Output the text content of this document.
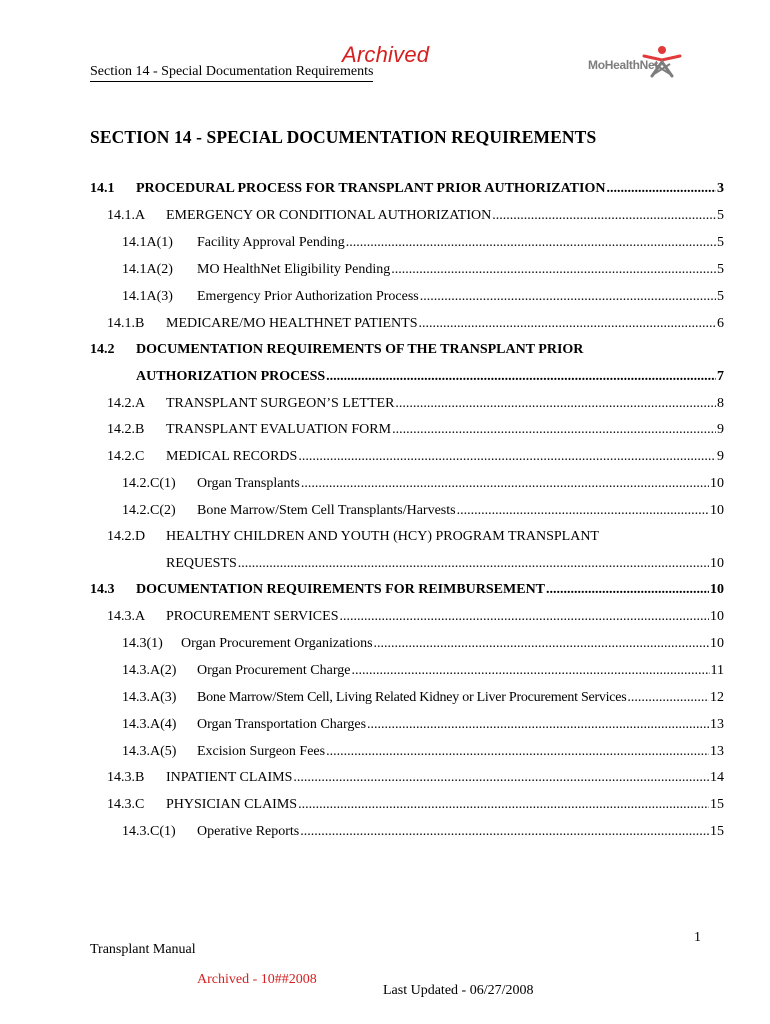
Archived
Section 14 - Special Documentation Requirements	MoHealthNet
SECTION 14 - SPECIAL DOCUMENTATION REQUIREMENTS
14.1	PROCEDURAL PROCESS FOR TRANSPLANT PRIOR AUTHORIZATION .....	3
14.1.A	EMERGENCY OR CONDITIONAL AUTHORIZATION .....	5
14.1A(1)	Facility Approval Pending .....	5
14.1A(2)	MO HealthNet Eligibility Pending .....	5
14.1A(3)	Emergency Prior Authorization Process .....	5
14.1.B	MEDICARE/MO HEALTHNET PATIENTS .....	6
14.2 DOCUMENTATION REQUIREMENTS OF THE TRANSPLANT PRIOR
AUTHORIZATION PROCESS .....	7
14.2.A	TRANSPLANT SURGEON’S LETTER .....	8
14.2.B	TRANSPLANT EVALUATION FORM .....	9
14.2.C	MEDICAL RECORDS .....	9
14.2.C(1)	Organ Transplants .....	10
14.2.C(2)	Bone Marrow/Stem Cell Transplants/Harvests .....	10
14.2.D HEALTHY CHILDREN AND YOUTH (HCY) PROGRAM TRANSPLANT
REQUESTS .....	10
14.3	DOCUMENTATION REQUIREMENTS FOR REIMBURSEMENT .....	10
14.3.A	PROCUREMENT SERVICES .....	10
14.3(1)	Organ Procurement Organizations .....	10
14.3.A(2)	Organ Procurement Charge .....	11
14.3.A(3)	Bone Marrow/Stem Cell, Living Related Kidney or Liver Procurement Services .....	12
14.3.A(4)	Organ Transportation Charges .....	13
14.3.A(5)	Excision Surgeon Fees .....	13
14.3.B	INPATIENT CLAIMS .....	14
14.3.C	PHYSICIAN CLAIMS .....	15
14.3.C(1)	Operative Reports .....	15
1
Transplant Manual
Archived - 10##2008
Last Updated - 06/27/2008
